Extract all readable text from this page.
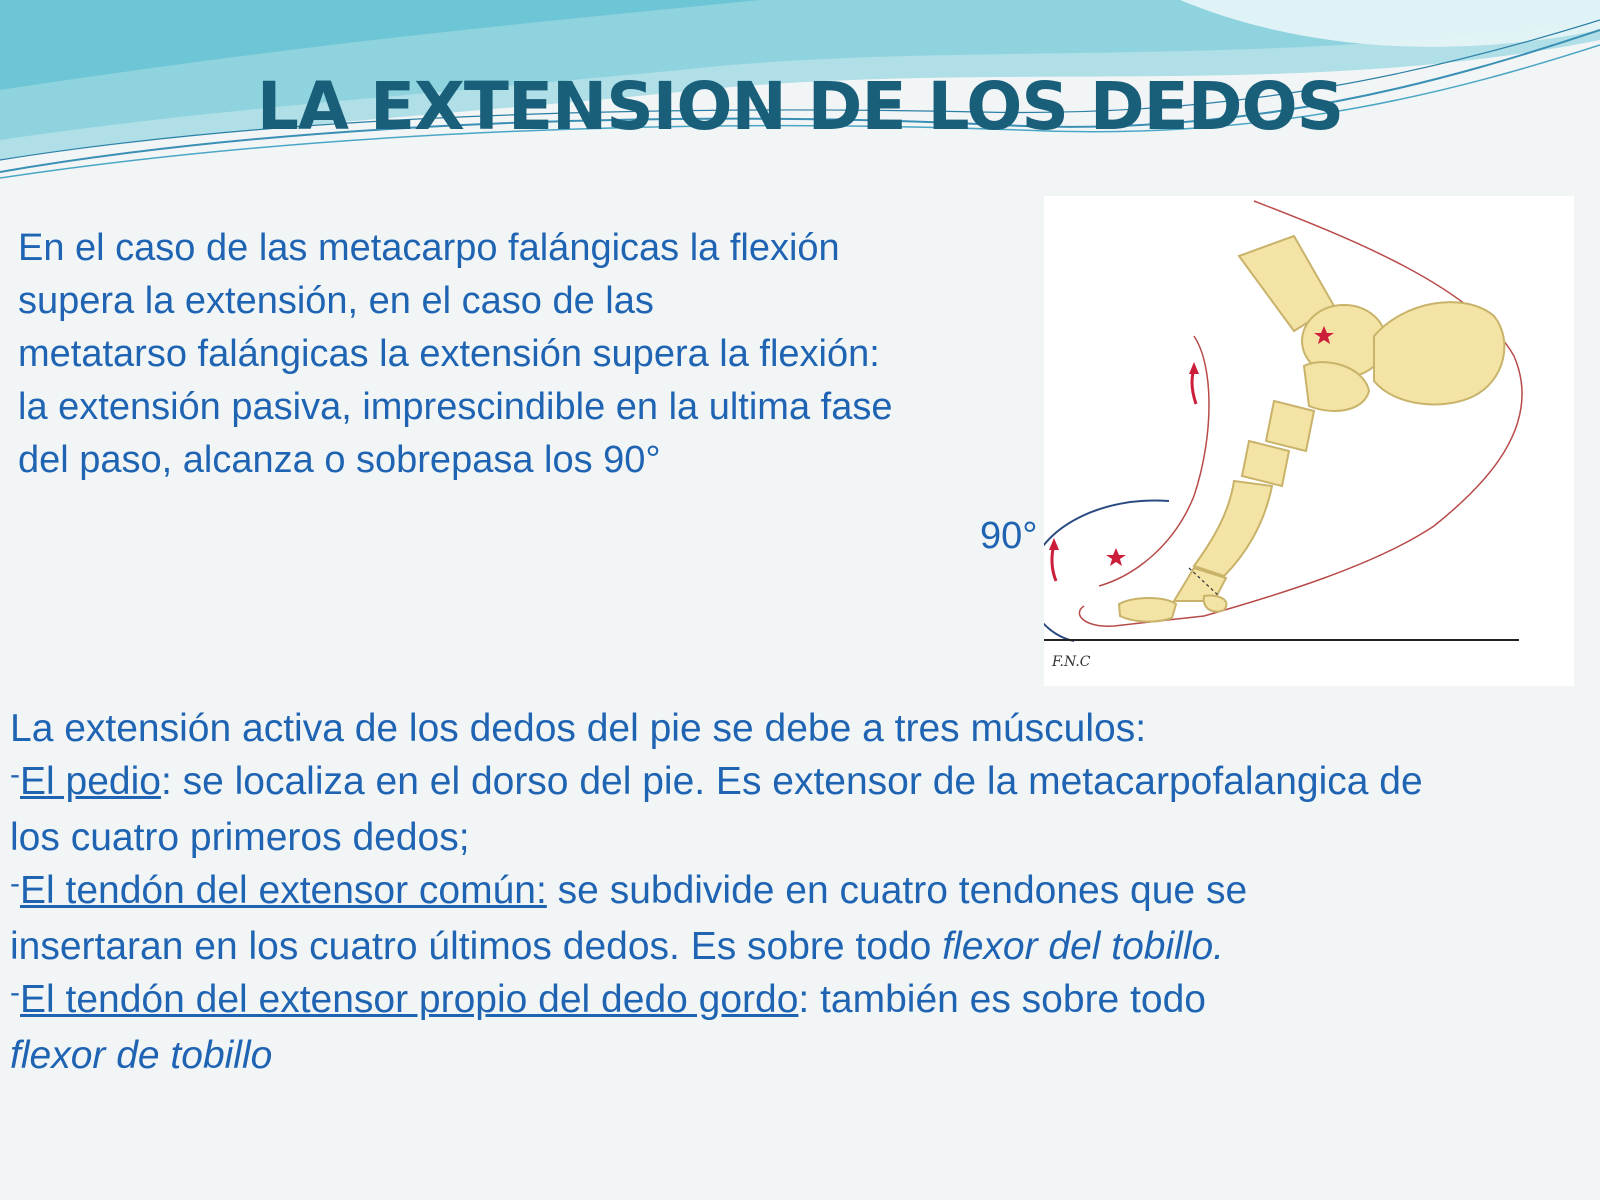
LA EXTENSION DE LOS DEDOS

En el caso de las metacarpo falángicas la flexión

supera la extensión, en el caso de las

metatarso falángicas la extensión supera la flexión:

la extensión pasiva, imprescindible en la ultima fase

del paso, alcanza o sobrepasa los 90°

F.N.C
90°

La extensión activa de los dedos del pie se debe a tres músculos:

-El pedio: se localiza en el dorso del pie. Es extensor de la metacarpofalangica de

los cuatro primeros dedos;

-El tendón del extensor común: se subdivide en cuatro tendones que se

insertaran en los cuatro últimos dedos. Es sobre todo flexor del tobillo.

-El tendón del extensor propio del dedo gordo: también es sobre todo

flexor de tobillo
